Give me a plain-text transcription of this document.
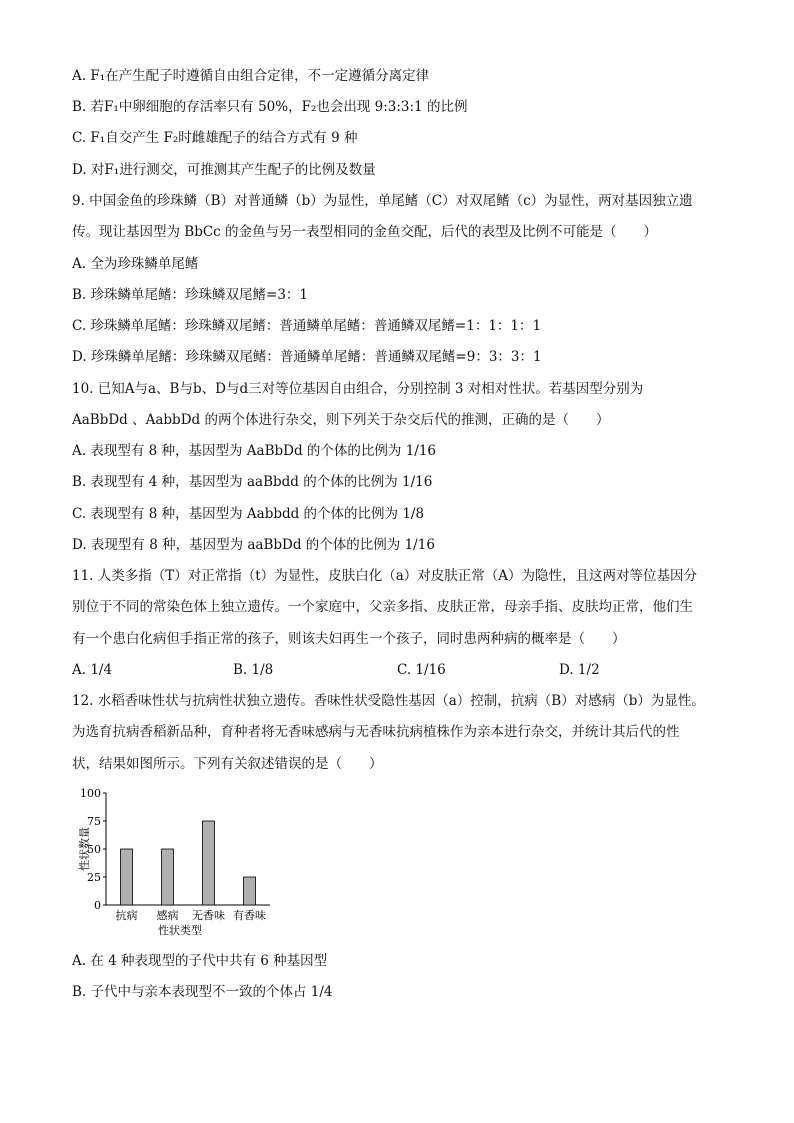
A. F₁在产生配子时遵循自由组合定律，不一定遵循分离定律
B. 若F₁中卵细胞的存活率只有 50%，F₂也会出现 9:3:3:1 的比例
C. F₁自交产生 F₂时雌雄配子的结合方式有 9 种
D. 对F₁进行测交，可推测其产生配子的比例及数量
9. 中国金鱼的珍珠鳞（B）对普通鳞（b）为显性，单尾鳍（C）对双尾鳍（c）为显性，两对基因独立遗
传。现让基因型为 BbCc 的金鱼与另一表型相同的金鱼交配，后代的表型及比例不可能是（　　）
A. 全为珍珠鳞单尾鳍
B. 珍珠鳞单尾鳍：珍珠鳞双尾鳍=3：1
C. 珍珠鳞单尾鳍：珍珠鳞双尾鳍：普通鳞单尾鳍：普通鳞双尾鳍=1：1：1：1
D. 珍珠鳞单尾鳍：珍珠鳞双尾鳍：普通鳞单尾鳍：普通鳞双尾鳍=9：3：3：1
10. 已知A与a、B与b、D与d三对等位基因自由组合，分别控制 3 对相对性状。若基因型分别为
AaBbDd 、AabbDd 的两个体进行杂交，则下列关于杂交后代的推测，正确的是（　　）
A. 表现型有 8 种，基因型为 AaBbDd 的个体的比例为 1/16
B. 表现型有 4 种，基因型为 aaBbdd 的个体的比例为 1/16
C. 表现型有 8 种，基因型为 Aabbdd 的个体的比例为 1/8
D. 表现型有 8 种，基因型为 aaBbDd 的个体的比例为 1/16
11. 人类多指（T）对正常指（t）为显性，皮肤白化（a）对皮肤正常（A）为隐性，且这两对等位基因分
别位于不同的常染色体上独立遗传。一个家庭中，父亲多指、皮肤正常，母亲手指、皮肤均正常，他们生
有一个患白化病但手指正常的孩子，则该夫妇再生一个孩子，同时患两种病的概率是（　　）
A. 1/4	B. 1/8	C. 1/16	D. 1/2
12. 水稻香味性状与抗病性状独立遗传。香味性状受隐性基因（a）控制，抗病（B）对感病（b）为显性。
为选育抗病香稻新品种，育种者将无香味感病与无香味抗病植株作为亲本进行杂交，并统计其后代的性
状，结果如图所示。下列有关叙述错误的是（　　）
0
25
50
75
100
抗病 感病 无香味 有香味
性状数量
性状类型
A. 在 4 种表现型的子代中共有 6 种基因型
B. 子代中与亲本表现型不一致的个体占 1/4
